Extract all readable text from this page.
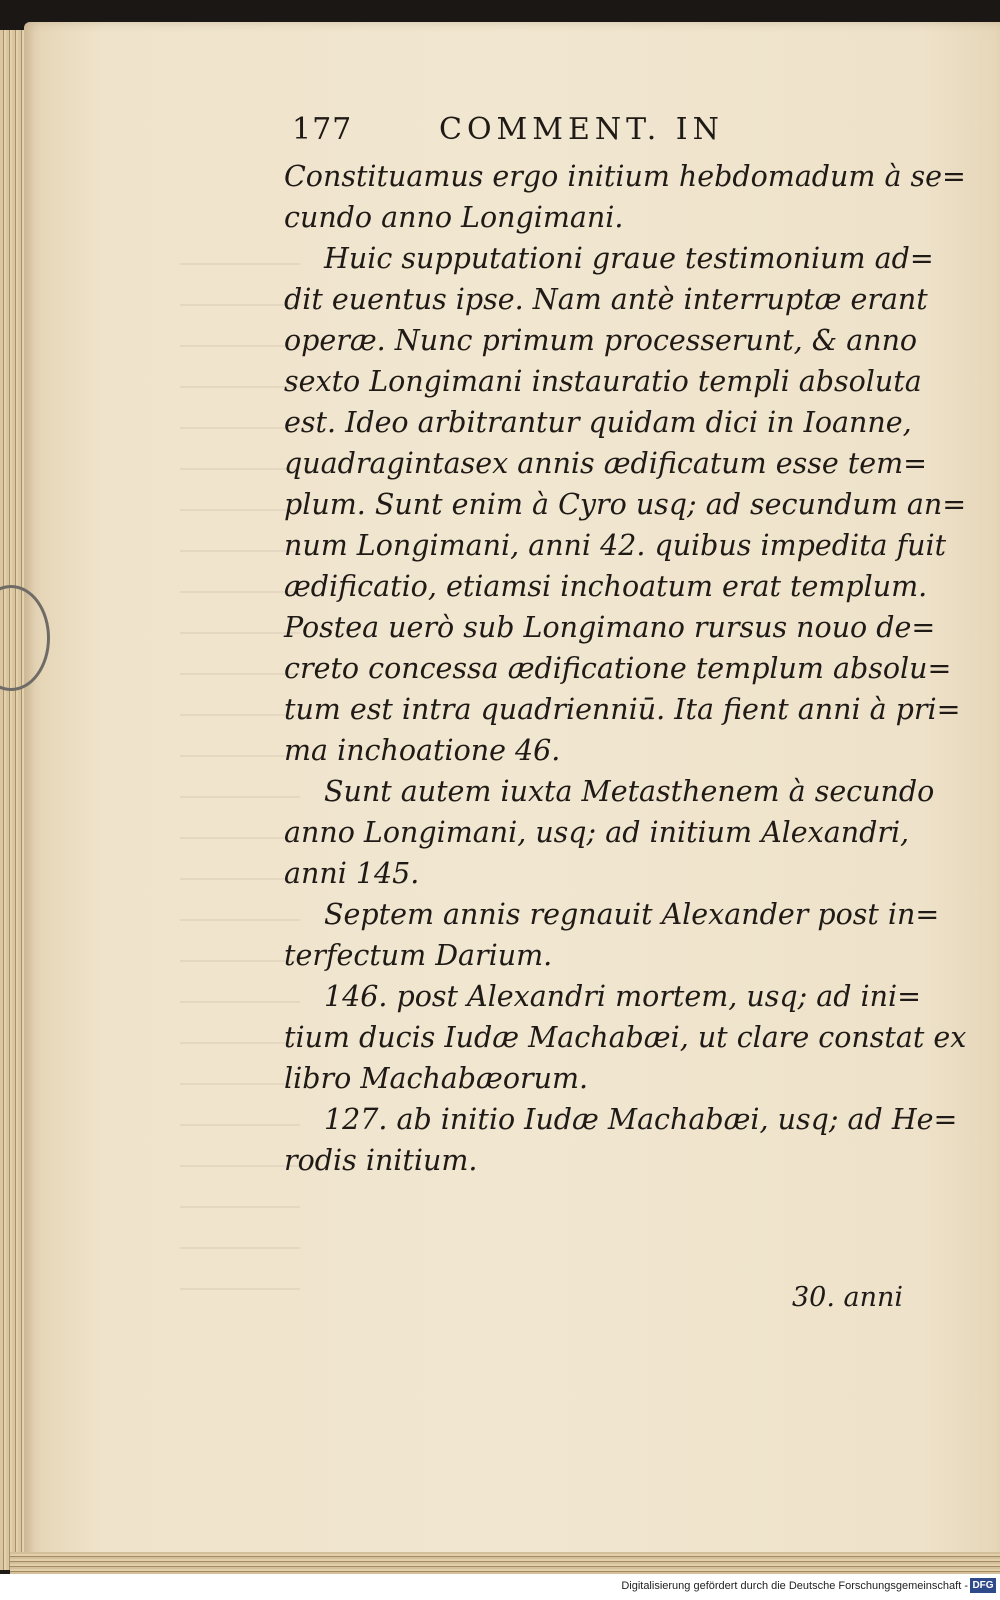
177	COMMENT. IN
Constituamus ergo initium hebdomadum à se=
cundo anno Longimani.
Huic supputationi graue testimonium ad=
dit euentus ipse. Nam antè interruptæ erant
operæ. Nunc primum processerunt, & anno
sexto Longimani instauratio templi absoluta
est. Ideo arbitrantur quidam dici in Ioanne,
quadragintasex annis ædificatum esse tem=
plum. Sunt enim à Cyro usq; ad secundum an=
num Longimani, anni 42. quibus impedita fuit
ædificatio, etiamsi inchoatum erat templum.
Postea uerò sub Longimano rursus nouo de=
creto concessa ædificatione templum absolu=
tum est intra quadrienniū. Ita fient anni à pri=
ma inchoatione 46.
Sunt autem iuxta Metasthenem à secundo
anno Longimani, usq; ad initium Alexandri,
anni 145.
Septem annis regnauit Alexander post in=
terfectum Darium.
146. post Alexandri mortem, usq; ad ini=
tium ducis Iudæ Machabæi, ut clare constat ex
libro Machabæorum.
127. ab initio Iudæ Machabæi, usq; ad He=
rodis initium.
30. anni
Digitalisierung gefördert durch die Deutsche Forschungsgemeinschaft - DFG
